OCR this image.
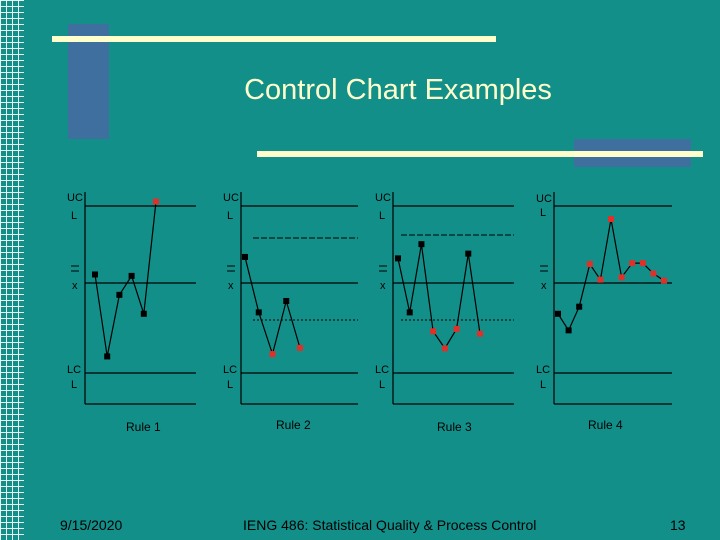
Control Chart Examples
UC
L
LC
L
x
Rule 1
UC
L
LC
L
x
Rule 2
UC
L
LC
L
x
Rule 3
UC
L
LC
L
x
Rule 4
9/15/2020	IENG 486: Statistical Quality & Process Control	13
